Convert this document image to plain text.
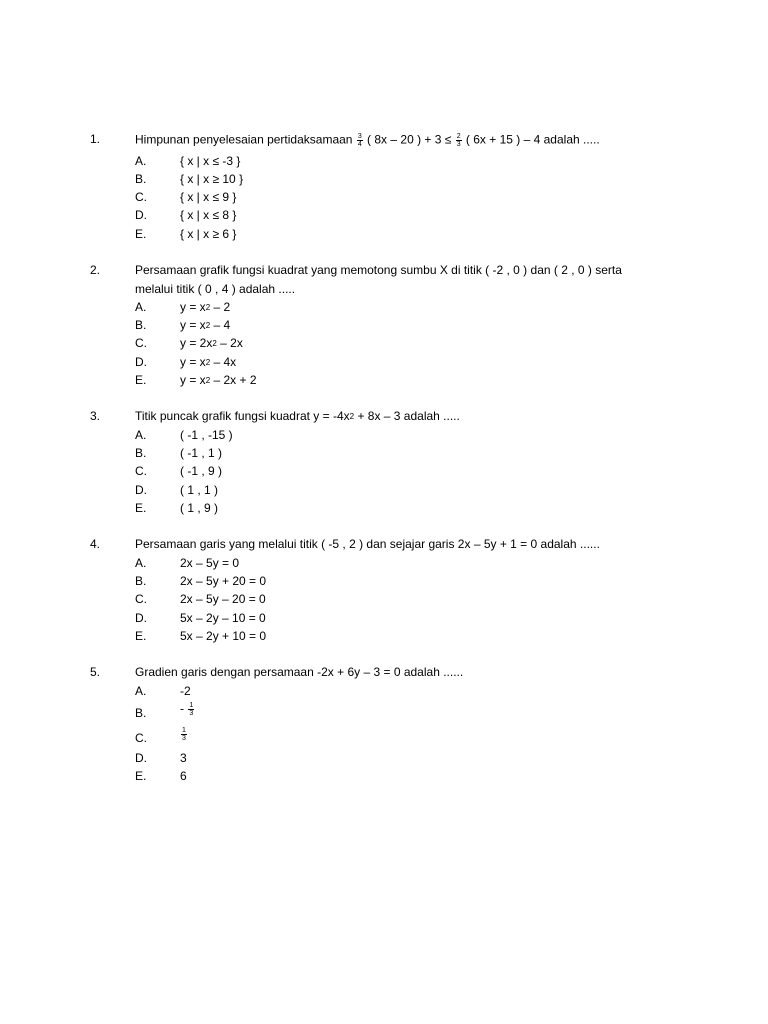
1.	Himpunan penyelesaian pertidaksamaan $\frac{3}{4}$ ( 8x – 20 ) + $3 \le \frac{2}{3}$ ( 6x + 15 ) – 4 adalah .....
A.	{ x | x ≤ -3 }
B.	{ x | x ≥ 10 }
C.	{ x | x ≤ 9 }
D.	{ x | x ≤ 8 }
E.	{ x | x ≥ 6 }
2.	Persamaan grafik fungsi kuadrat yang memotong sumbu X di titik ( -2 , 0 ) dan ( 2 , 0 ) serta
melalui titik ( 0 , 4 ) adalah .....
A.	$y = x^2 - 2$
B.	$y = x^2 - 4$
C.	$y = 2x^2 - 2x$
D.	$y = x^2 - 4x$
E.	$y = x^2 - 2x + 2$
3.	Titik puncak grafik fungsi kuadrat $y = -4x^2 + 8x - 3$ adalah .....
A.	( -1 , -15 )
B.	( -1 , 1 )
C.	( -1 , 9 )
D.	( 1 , 1 )
E.	( 1 , 9 )
4.	Persamaan garis yang melalui titik ( -5 , 2 ) dan sejajar garis 2x – 5y + 1 = 0 adalah ......
A.	2x – 5y = 0
B.	2x – 5y + 20 = 0
C.	2x – 5y – 20 = 0
D.	5x – 2y – 10 = 0
E.	5x – 2y + 10 = 0
5.	Gradien garis dengan persamaan -2x + 6y – 3 = 0 adalah ......
A.	-2
B.	- $\frac{1}{3}$
C.	$\frac{1}{3}$
D.	3
E.	6
